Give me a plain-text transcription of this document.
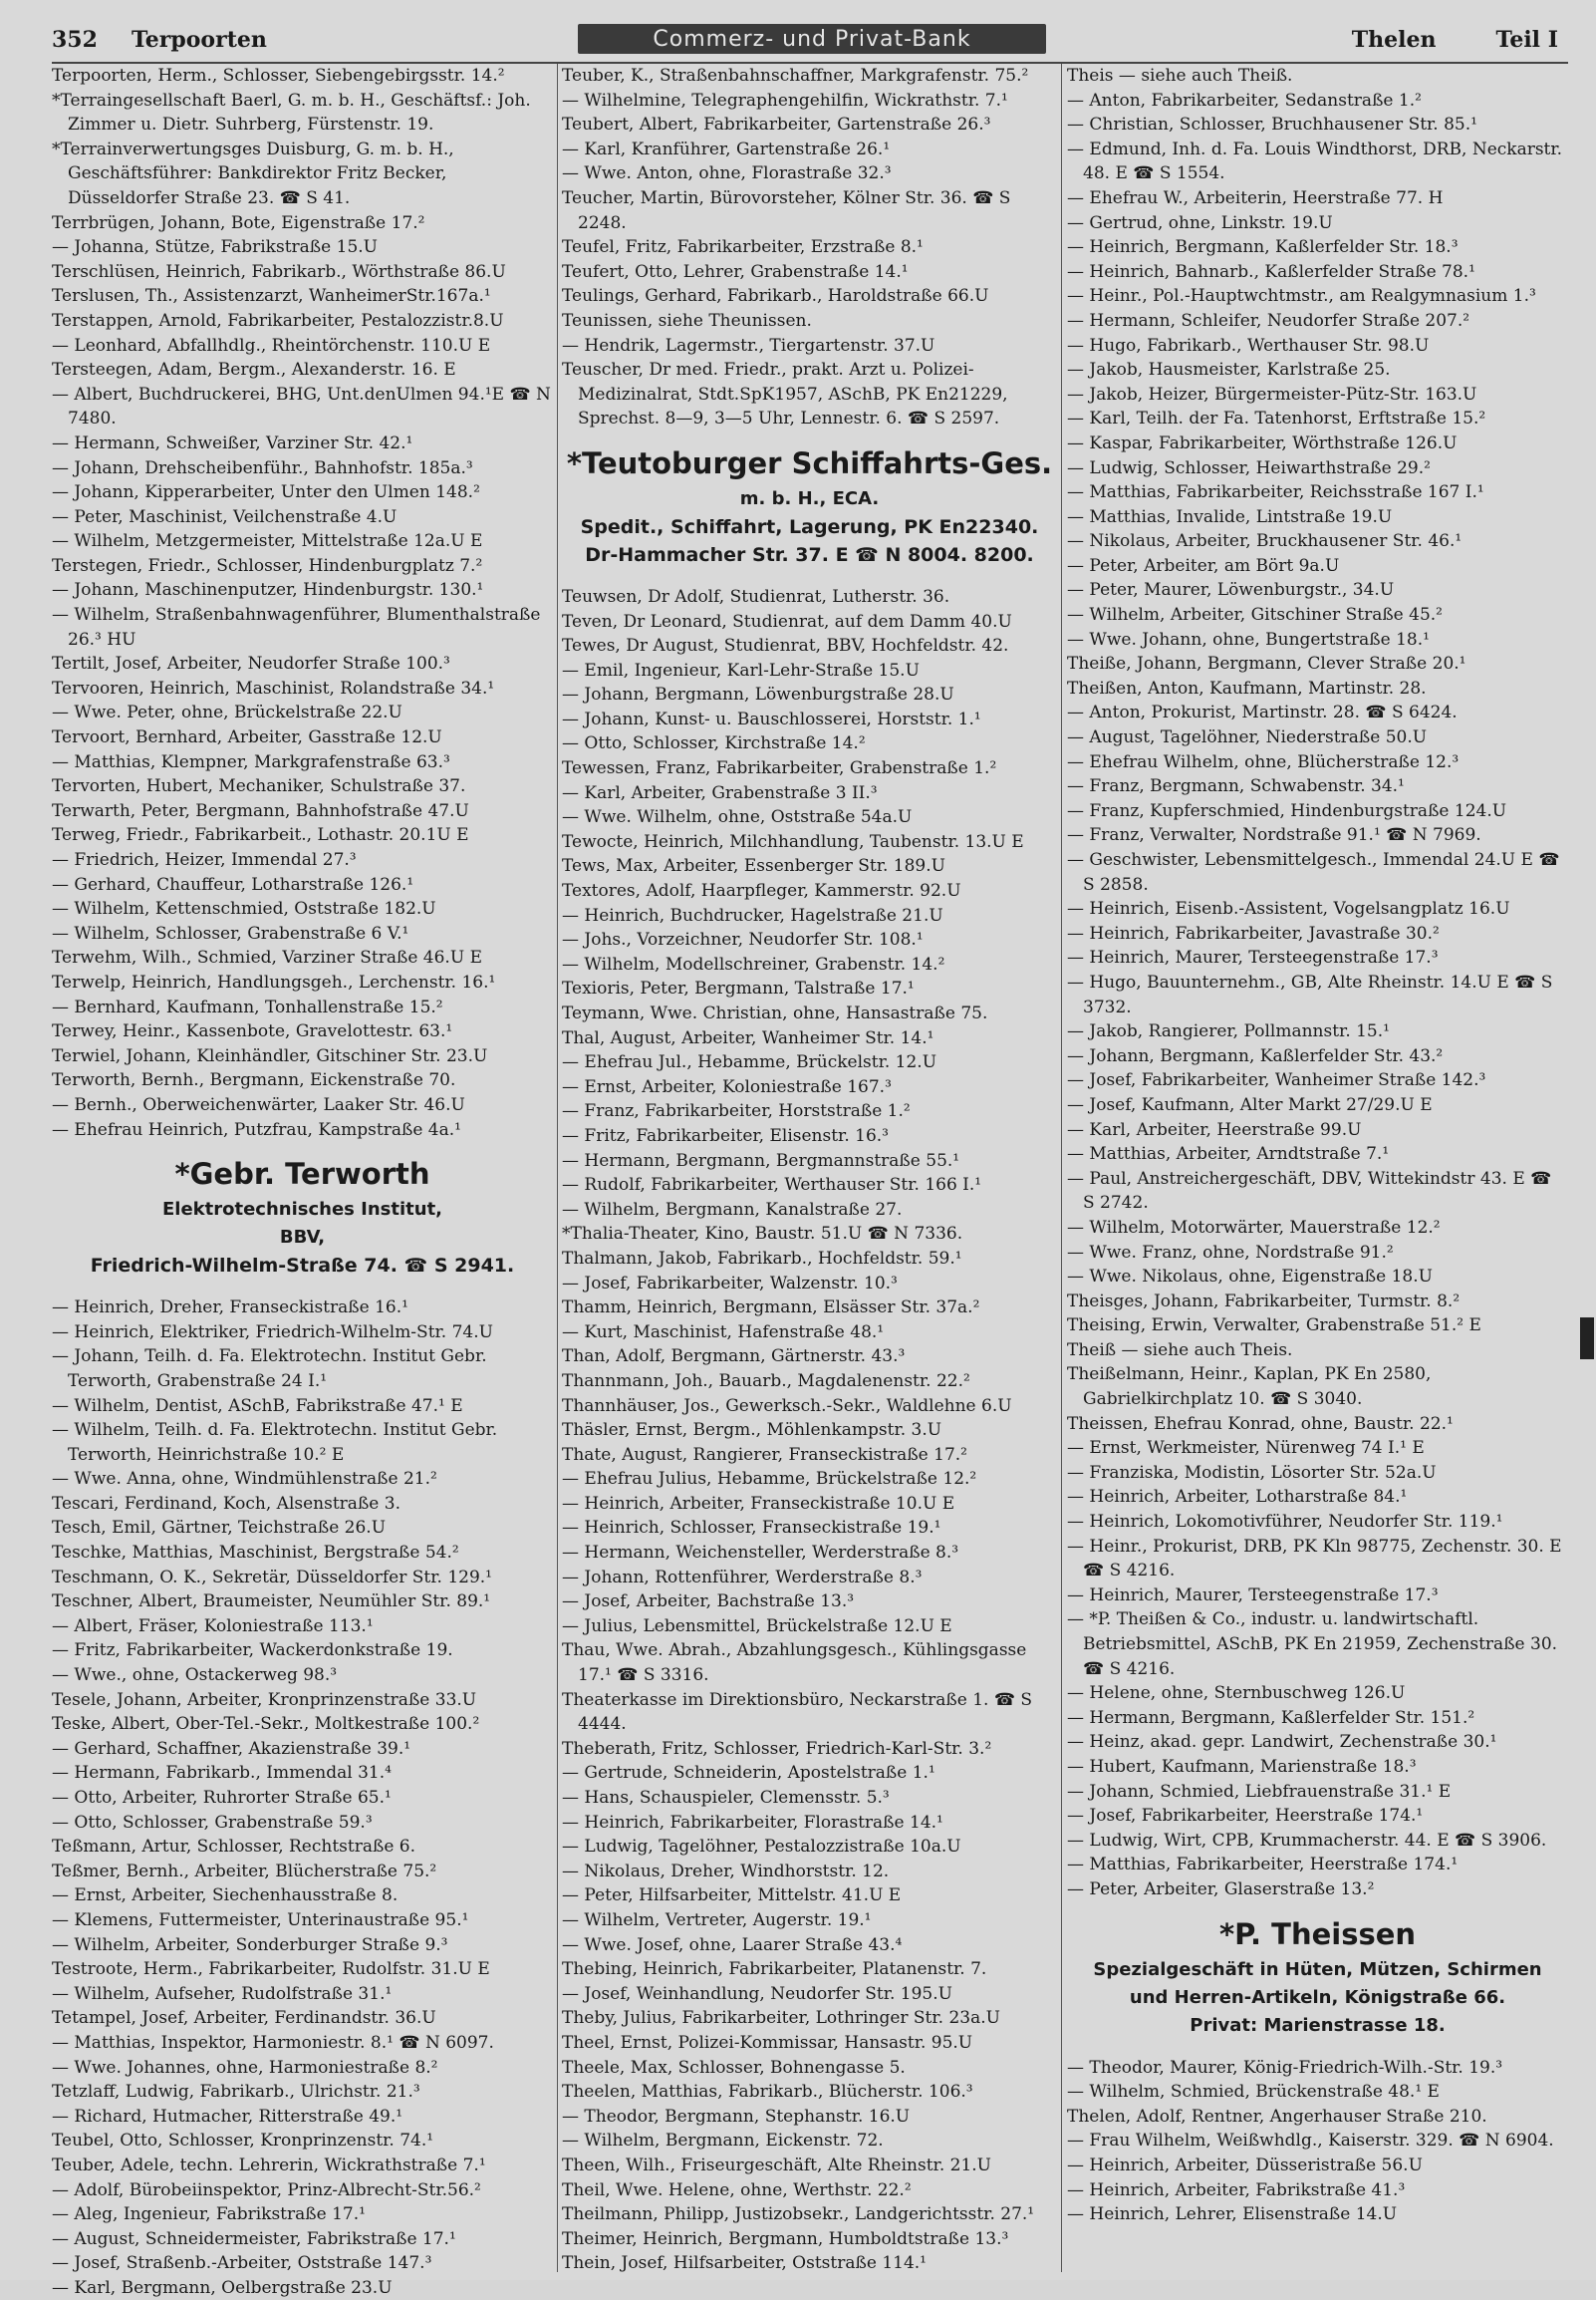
352 Terpoorten	Commerz- und Privat-Bank	Thelen	Teil I
Terpoorten, Herm., Schlosser, Siebengebirgsstr. 14.²
*Terraingesellschaft Baerl, G. m. b. H., Geschäftsf.: Joh. Zimmer u. Dietr. Suhrberg, Fürstenstr. 19.
*Terrainverwertungsges Duisburg, G. m. b. H., Geschäftsführer: Bankdirektor Fritz Becker, Düsseldorfer Straße 23. ☎ S 41.
Terrbrügen, Johann, Bote, Eigenstraße 17.²
— Johanna, Stütze, Fabrikstraße 15.U
Terschlüsen, Heinrich, Fabrikarb., Wörthstraße 86.U
Terslusen, Th., Assistenzarzt, WanheimerStr.167a.¹
Terstappen, Arnold, Fabrikarbeiter, Pestalozzistr.8.U
— Leonhard, Abfallhdlg., Rheintörchenstr. 110.U E
Tersteegen, Adam, Bergm., Alexanderstr. 16. E
— Albert, Buchdruckerei, BHG, Unt.denUlmen 94.¹E ☎ N 7480.
— Hermann, Schweißer, Varziner Str. 42.¹
— Johann, Drehscheibenführ., Bahnhofstr. 185a.³
— Johann, Kipperarbeiter, Unter den Ulmen 148.²
— Peter, Maschinist, Veilchenstraße 4.U
— Wilhelm, Metzgermeister, Mittelstraße 12a.U E
Terstegen, Friedr., Schlosser, Hindenburgplatz 7.²
— Johann, Maschinenputzer, Hindenburgstr. 130.¹
— Wilhelm, Straßenbahnwagenführer, Blumenthalstraße 26.³ HU
Tertilt, Josef, Arbeiter, Neudorfer Straße 100.³
Tervooren, Heinrich, Maschinist, Rolandstraße 34.¹
— Wwe. Peter, ohne, Brückelstraße 22.U
Tervoort, Bernhard, Arbeiter, Gasstraße 12.U
— Matthias, Klempner, Markgrafenstraße 63.³
Tervorten, Hubert, Mechaniker, Schulstraße 37.
Terwarth, Peter, Bergmann, Bahnhofstraße 47.U
Terweg, Friedr., Fabrikarbeit., Lothastr. 20.1U E
— Friedrich, Heizer, Immendal 27.³
— Gerhard, Chauffeur, Lotharstraße 126.¹
— Wilhelm, Kettenschmied, Oststraße 182.U
— Wilhelm, Schlosser, Grabenstraße 6 V.¹
Terwehm, Wilh., Schmied, Varziner Straße 46.U E
Terwelp, Heinrich, Handlungsgeh., Lerchenstr. 16.¹
— Bernhard, Kaufmann, Tonhallenstraße 15.²
Terwey, Heinr., Kassenbote, Gravelottestr. 63.¹
Terwiel, Johann, Kleinhändler, Gitschiner Str. 23.U
Terworth, Bernh., Bergmann, Eickenstraße 70.
— Bernh., Oberweichenwärter, Laaker Str. 46.U
— Ehefrau Heinrich, Putzfrau, Kampstraße 4a.¹
*Gebr. Terworth
Elektrotechnisches Institut,
BBV,
Friedrich-Wilhelm-Straße 74. ☎ S 2941.
— Heinrich, Dreher, Franseckistraße 16.¹
— Heinrich, Elektriker, Friedrich-Wilhelm-Str. 74.U
— Johann, Teilh. d. Fa. Elektrotechn. Institut Gebr. Terworth, Grabenstraße 24 I.¹
— Wilhelm, Dentist, ASchB, Fabrikstraße 47.¹ E
— Wilhelm, Teilh. d. Fa. Elektrotechn. Institut Gebr. Terworth, Heinrichstraße 10.² E
— Wwe. Anna, ohne, Windmühlenstraße 21.²
Tescari, Ferdinand, Koch, Alsenstraße 3.
Tesch, Emil, Gärtner, Teichstraße 26.U
Teschke, Matthias, Maschinist, Bergstraße 54.²
Teschmann, O. K., Sekretär, Düsseldorfer Str. 129.¹
Teschner, Albert, Braumeister, Neumühler Str. 89.¹
— Albert, Fräser, Koloniestraße 113.¹
— Fritz, Fabrikarbeiter, Wackerdonkstraße 19.
— Wwe., ohne, Ostackerweg 98.³
Tesele, Johann, Arbeiter, Kronprinzenstraße 33.U
Teske, Albert, Ober-Tel.-Sekr., Moltkestraße 100.²
— Gerhard, Schaffner, Akazienstraße 39.¹
— Hermann, Fabrikarb., Immendal 31.⁴
— Otto, Arbeiter, Ruhrorter Straße 65.¹
— Otto, Schlosser, Grabenstraße 59.³
Teßmann, Artur, Schlosser, Rechtstraße 6.
Teßmer, Bernh., Arbeiter, Blücherstraße 75.²
— Ernst, Arbeiter, Siechenhausstraße 8.
— Klemens, Futtermeister, Unterinaustraße 95.¹
— Wilhelm, Arbeiter, Sonderburger Straße 9.³
Testroote, Herm., Fabrikarbeiter, Rudolfstr. 31.U E
— Wilhelm, Aufseher, Rudolfstraße 31.¹
Tetampel, Josef, Arbeiter, Ferdinandstr. 36.U
— Matthias, Inspektor, Harmoniestr. 8.¹ ☎ N 6097.
— Wwe. Johannes, ohne, Harmoniestraße 8.²
Tetzlaff, Ludwig, Fabrikarb., Ulrichstr. 21.³
— Richard, Hutmacher, Ritterstraße 49.¹
Teubel, Otto, Schlosser, Kronprinzenstr. 74.¹
Teuber, Adele, techn. Lehrerin, Wickrathstraße 7.¹
— Adolf, Bürobeiinspektor, Prinz-Albrecht-Str.56.²
— Aleg, Ingenieur, Fabrikstraße 17.¹
— August, Schneidermeister, Fabrikstraße 17.¹
— Josef, Straßenb.-Arbeiter, Oststraße 147.³
— Karl, Bergmann, Oelbergstraße 23.U
Teuber, K., Straßenbahnschaffner, Markgrafenstr. 75.²
— Wilhelmine, Telegraphengehilfin, Wickrathstr. 7.¹
Teubert, Albert, Fabrikarbeiter, Gartenstraße 26.³
— Karl, Kranführer, Gartenstraße 26.¹
— Wwe. Anton, ohne, Florastraße 32.³
Teucher, Martin, Bürovorsteher, Kölner Str. 36. ☎ S 2248.
Teufel, Fritz, Fabrikarbeiter, Erzstraße 8.¹
Teufert, Otto, Lehrer, Grabenstraße 14.¹
Teulings, Gerhard, Fabrikarb., Haroldstraße 66.U
Teunissen, siehe Theunissen.
— Hendrik, Lagermstr., Tiergartenstr. 37.U
Teuscher, Dr med. Friedr., prakt. Arzt u. Polizei-Medizinalrat, Stdt.SpK1957, ASchB, PK En21229, Sprechst. 8—9, 3—5 Uhr, Lennestr. 6. ☎ S 2597.
*Teutoburger Schiffahrts-Ges.
m. b. H., ECA.
Spedit., Schiffahrt, Lagerung, PK En22340.
Dr-Hammacher Str. 37. E ☎ N 8004. 8200.
Teuwsen, Dr Adolf, Studienrat, Lutherstr. 36.
Teven, Dr Leonard, Studienrat, auf dem Damm 40.U
Tewes, Dr August, Studienrat, BBV, Hochfeldstr. 42.
— Emil, Ingenieur, Karl-Lehr-Straße 15.U
— Johann, Bergmann, Löwenburgstraße 28.U
— Johann, Kunst- u. Bauschlosserei, Horststr. 1.¹
— Otto, Schlosser, Kirchstraße 14.²
Tewessen, Franz, Fabrikarbeiter, Grabenstraße 1.²
— Karl, Arbeiter, Grabenstraße 3 II.³
— Wwe. Wilhelm, ohne, Oststraße 54a.U
Tewocte, Heinrich, Milchhandlung, Taubenstr. 13.U E
Tews, Max, Arbeiter, Essenberger Str. 189.U
Textores, Adolf, Haarpfleger, Kammerstr. 92.U
— Heinrich, Buchdrucker, Hagelstraße 21.U
— Johs., Vorzeichner, Neudorfer Str. 108.¹
— Wilhelm, Modellschreiner, Grabenstr. 14.²
Texioris, Peter, Bergmann, Talstraße 17.¹
Teymann, Wwe. Christian, ohne, Hansastraße 75.
Thal, August, Arbeiter, Wanheimer Str. 14.¹
— Ehefrau Jul., Hebamme, Brückelstr. 12.U
— Ernst, Arbeiter, Koloniestraße 167.³
— Franz, Fabrikarbeiter, Horststraße 1.²
— Fritz, Fabrikarbeiter, Elisenstr. 16.³
— Hermann, Bergmann, Bergmannstraße 55.¹
— Rudolf, Fabrikarbeiter, Werthauser Str. 166 I.¹
— Wilhelm, Bergmann, Kanalstraße 27.
*Thalia-Theater, Kino, Baustr. 51.U ☎ N 7336.
Thalmann, Jakob, Fabrikarb., Hochfeldstr. 59.¹
— Josef, Fabrikarbeiter, Walzenstr. 10.³
Thamm, Heinrich, Bergmann, Elsässer Str. 37a.²
— Kurt, Maschinist, Hafenstraße 48.¹
Than, Adolf, Bergmann, Gärtnerstr. 43.³
Thannmann, Joh., Bauarb., Magdalenenstr. 22.²
Thannhäuser, Jos., Gewerksch.-Sekr., Waldlehne 6.U
Thäsler, Ernst, Bergm., Möhlenkampstr. 3.U
Thate, August, Rangierer, Franseckistraße 17.²
— Ehefrau Julius, Hebamme, Brückelstraße 12.²
— Heinrich, Arbeiter, Franseckistraße 10.U E
— Heinrich, Schlosser, Franseckistraße 19.¹
— Hermann, Weichensteller, Werderstraße 8.³
— Johann, Rottenführer, Werderstraße 8.³
— Josef, Arbeiter, Bachstraße 13.³
— Julius, Lebensmittel, Brückelstraße 12.U E
Thau, Wwe. Abrah., Abzahlungsgesch., Kühlingsgasse 17.¹ ☎ S 3316.
Theaterkasse im Direktionsbüro, Neckarstraße 1. ☎ S 4444.
Theberath, Fritz, Schlosser, Friedrich-Karl-Str. 3.²
— Gertrude, Schneiderin, Apostelstraße 1.¹
— Hans, Schauspieler, Clemensstr. 5.³
— Heinrich, Fabrikarbeiter, Florastraße 14.¹
— Ludwig, Tagelöhner, Pestalozzistraße 10a.U
— Nikolaus, Dreher, Windhorststr. 12.
— Peter, Hilfsarbeiter, Mittelstr. 41.U E
— Wilhelm, Vertreter, Augerstr. 19.¹
— Wwe. Josef, ohne, Laarer Straße 43.⁴
Thebing, Heinrich, Fabrikarbeiter, Platanenstr. 7.
— Josef, Weinhandlung, Neudorfer Str. 195.U
Theby, Julius, Fabrikarbeiter, Lothringer Str. 23a.U
Theel, Ernst, Polizei-Kommissar, Hansastr. 95.U
Theele, Max, Schlosser, Bohnengasse 5.
Theelen, Matthias, Fabrikarb., Blücherstr. 106.³
— Theodor, Bergmann, Stephanstr. 16.U
— Wilhelm, Bergmann, Eickenstr. 72.
Theen, Wilh., Friseurgeschäft, Alte Rheinstr. 21.U
Theil, Wwe. Helene, ohne, Werthstr. 22.²
Theilmann, Philipp, Justizobsekr., Landgerichtsstr. 27.¹
Theimer, Heinrich, Bergmann, Humboldtstraße 13.³
Thein, Josef, Hilfsarbeiter, Oststraße 114.¹
Theis — siehe auch Theiß.
— Anton, Fabrikarbeiter, Sedanstraße 1.²
— Christian, Schlosser, Bruchhausener Str. 85.¹
— Edmund, Inh. d. Fa. Louis Windthorst, DRB, Neckarstr. 48. E ☎ S 1554.
— Ehefrau W., Arbeiterin, Heerstraße 77. H
— Gertrud, ohne, Linkstr. 19.U
— Heinrich, Bergmann, Kaßlerfelder Str. 18.³
— Heinrich, Bahnarb., Kaßlerfelder Straße 78.¹
— Heinr., Pol.-Hauptwchtmstr., am Realgymnasium 1.³
— Hermann, Schleifer, Neudorfer Straße 207.²
— Hugo, Fabrikarb., Werthauser Str. 98.U
— Jakob, Hausmeister, Karlstraße 25.
— Jakob, Heizer, Bürgermeister-Pütz-Str. 163.U
— Karl, Teilh. der Fa. Tatenhorst, Erftstraße 15.²
— Kaspar, Fabrikarbeiter, Wörthstraße 126.U
— Ludwig, Schlosser, Heiwarthstraße 29.²
— Matthias, Fabrikarbeiter, Reichsstraße 167 I.¹
— Matthias, Invalide, Lintstraße 19.U
— Nikolaus, Arbeiter, Bruckhausener Str. 46.¹
— Peter, Arbeiter, am Bört 9a.U
— Peter, Maurer, Löwenburgstr., 34.U
— Wilhelm, Arbeiter, Gitschiner Straße 45.²
— Wwe. Johann, ohne, Bungertstraße 18.¹
Theiße, Johann, Bergmann, Clever Straße 20.¹
Theißen, Anton, Kaufmann, Martinstr. 28.
— Anton, Prokurist, Martinstr. 28. ☎ S 6424.
— August, Tagelöhner, Niederstraße 50.U
— Ehefrau Wilhelm, ohne, Blücherstraße 12.³
— Franz, Bergmann, Schwabenstr. 34.¹
— Franz, Kupferschmied, Hindenburgstraße 124.U
— Franz, Verwalter, Nordstraße 91.¹ ☎ N 7969.
— Geschwister, Lebensmittelgesch., Immendal 24.U E ☎ S 2858.
— Heinrich, Eisenb.-Assistent, Vogelsangplatz 16.U
— Heinrich, Fabrikarbeiter, Javastraße 30.²
— Heinrich, Maurer, Tersteegenstraße 17.³
— Hugo, Bauunternehm., GB, Alte Rheinstr. 14.U E ☎ S 3732.
— Jakob, Rangierer, Pollmannstr. 15.¹
— Johann, Bergmann, Kaßlerfelder Str. 43.²
— Josef, Fabrikarbeiter, Wanheimer Straße 142.³
— Josef, Kaufmann, Alter Markt 27/29.U E
— Karl, Arbeiter, Heerstraße 99.U
— Matthias, Arbeiter, Arndtstraße 7.¹
— Paul, Anstreichergeschäft, DBV, Wittekindstr 43. E ☎ S 2742.
— Wilhelm, Motorwärter, Mauerstraße 12.²
— Wwe. Franz, ohne, Nordstraße 91.²
— Wwe. Nikolaus, ohne, Eigenstraße 18.U
Theisges, Johann, Fabrikarbeiter, Turmstr. 8.²
Theising, Erwin, Verwalter, Grabenstraße 51.² E
Theiß — siehe auch Theis.
Theißelmann, Heinr., Kaplan, PK En 2580, Gabrielkirchplatz 10. ☎ S 3040.
Theissen, Ehefrau Konrad, ohne, Baustr. 22.¹
— Ernst, Werkmeister, Nürenweg 74 I.¹ E
— Franziska, Modistin, Lösorter Str. 52a.U
— Heinrich, Arbeiter, Lotharstraße 84.¹
— Heinrich, Lokomotivführer, Neudorfer Str. 119.¹
— Heinr., Prokurist, DRB, PK Kln 98775, Zechenstr. 30. E ☎ S 4216.
— Heinrich, Maurer, Tersteegenstraße 17.³
— *P. Theißen & Co., industr. u. landwirtschaftl. Betriebsmittel, ASchB, PK En 21959, Zechenstraße 30. ☎ S 4216.
— Helene, ohne, Sternbuschweg 126.U
— Hermann, Bergmann, Kaßlerfelder Str. 151.²
— Heinz, akad. gepr. Landwirt, Zechenstraße 30.¹
— Hubert, Kaufmann, Marienstraße 18.³
— Johann, Schmied, Liebfrauenstraße 31.¹ E
— Josef, Fabrikarbeiter, Heerstraße 174.¹
— Ludwig, Wirt, CPB, Krummacherstr. 44. E ☎ S 3906.
— Matthias, Fabrikarbeiter, Heerstraße 174.¹
— Peter, Arbeiter, Glaserstraße 13.²
*P. Theissen
Spezialgeschäft in Hüten, Mützen, Schirmen
und Herren-Artikeln, Königstraße 66.
Privat: Marienstrasse 18.
— Theodor, Maurer, König-Friedrich-Wilh.-Str. 19.³
— Wilhelm, Schmied, Brückenstraße 48.¹ E
Thelen, Adolf, Rentner, Angerhauser Straße 210.
— Frau Wilhelm, Weißwhdlg., Kaiserstr. 329. ☎ N 6904.
— Heinrich, Arbeiter, Düsseristraße 56.U
— Heinrich, Arbeiter, Fabrikstraße 41.³
— Heinrich, Lehrer, Elisenstraße 14.U
